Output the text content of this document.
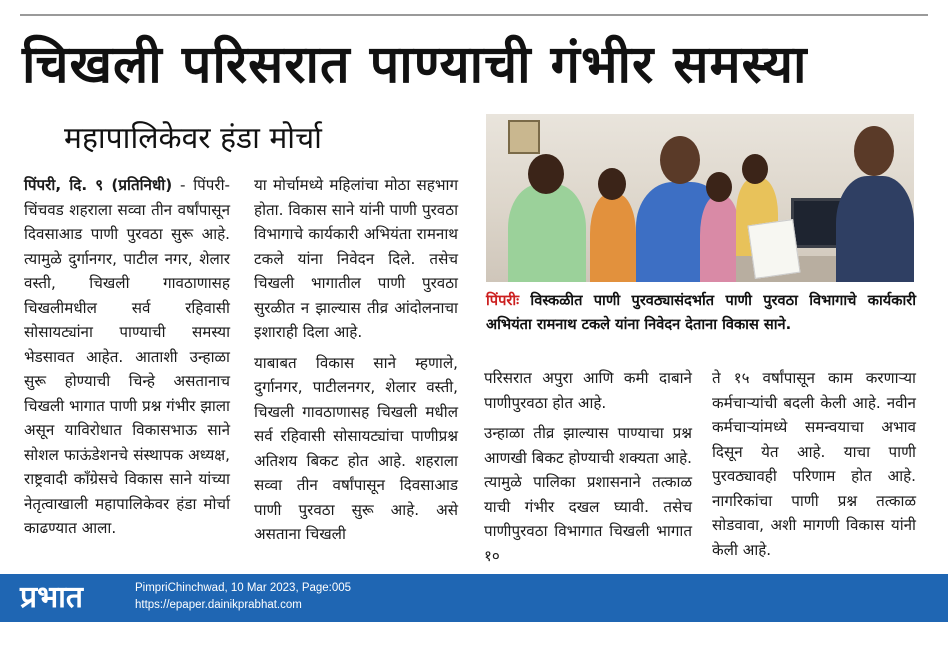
चिखली परिसरात पाण्याची गंभीर समस्या
महापालिकेवर हंडा मोर्चा

पिंपरी, दि. ९ (प्रतिनिधी) - पिंपरी-चिंचवड शहराला सव्वा तीन वर्षांपासून दिवसाआड पाणी पुरवठा सुरू आहे. त्यामुळे दुर्गानगर, पाटील नगर, शेलार वस्ती, चिखली गावठाणासह चिखलीमधील सर्व रहिवासी सोसायट्यांना पाण्याची समस्या भेडसावत आहेत. आताशी उन्हाळा सुरू होण्याची चिन्हे असतानाच चिखली भागात पाणी प्रश्न गंभीर झाला असून याविरोधात विकासभाऊ साने सोशल फाऊंडेशनचे संस्थापक अध्यक्ष, राष्ट्रवादी काँग्रेसचे विकास साने यांच्या नेतृत्वाखाली महापालिकेवर हंडा मोर्चा काढण्यात आला.

या मोर्चामध्ये महिलांचा मोठा सहभाग होता. विकास साने यांनी पाणी पुरवठा विभागाचे कार्यकारी अभियंता रामनाथ टकले यांना निवेदन दिले. तसेच चिखली भागातील पाणी पुरवठा सुरळीत न झाल्यास तीव्र आंदोलनाचा इशाराही दिला आहे.

याबाबत विकास साने म्हणाले, दुर्गानगर, पाटीलनगर, शेलार वस्ती, चिखली गावठाणासह चिखली मधील सर्व रहिवासी सोसायट्यांचा पाणीप्रश्न अतिशय बिकट होत आहे. शहराला सव्वा तीन वर्षांपासून दिवसाआड पाणी पुरवठा सुरू आहे. असे असताना चिखली

पिंपरीः विस्कळीत पाणी पुरवठ्यासंदर्भात पाणी पुरवठा विभागाचे कार्यकारी अभियंता रामनाथ टकले यांना निवेदन देताना विकास साने.

परिसरात अपुरा आणि कमी दाबाने पाणीपुरवठा होत आहे.

उन्हाळा तीव्र झाल्यास पाण्याचा प्रश्न आणखी बिकट होण्याची शक्यता आहे. त्यामुळे पालिका प्रशासनाने तत्काळ याची गंभीर दखल घ्यावी. तसेच पाणीपुरवठा विभागात चिखली भागात १०

ते १५ वर्षांपासून काम करणाऱ्या कर्मचाऱ्यांची बदली केली आहे. नवीन कर्मचाऱ्यांमध्ये समन्वयाचा अभाव दिसून येत आहे. याचा पाणी पुरवठ्यावही परिणाम होत आहे. नागरिकांचा पाणी प्रश्न तत्काळ सोडवावा, अशी मागणी विकास यांनी केली आहे.

प्रभात	PimpriChinchwad, 10 Mar 2023, Page:005
https://epaper.dainikprabhat.com
